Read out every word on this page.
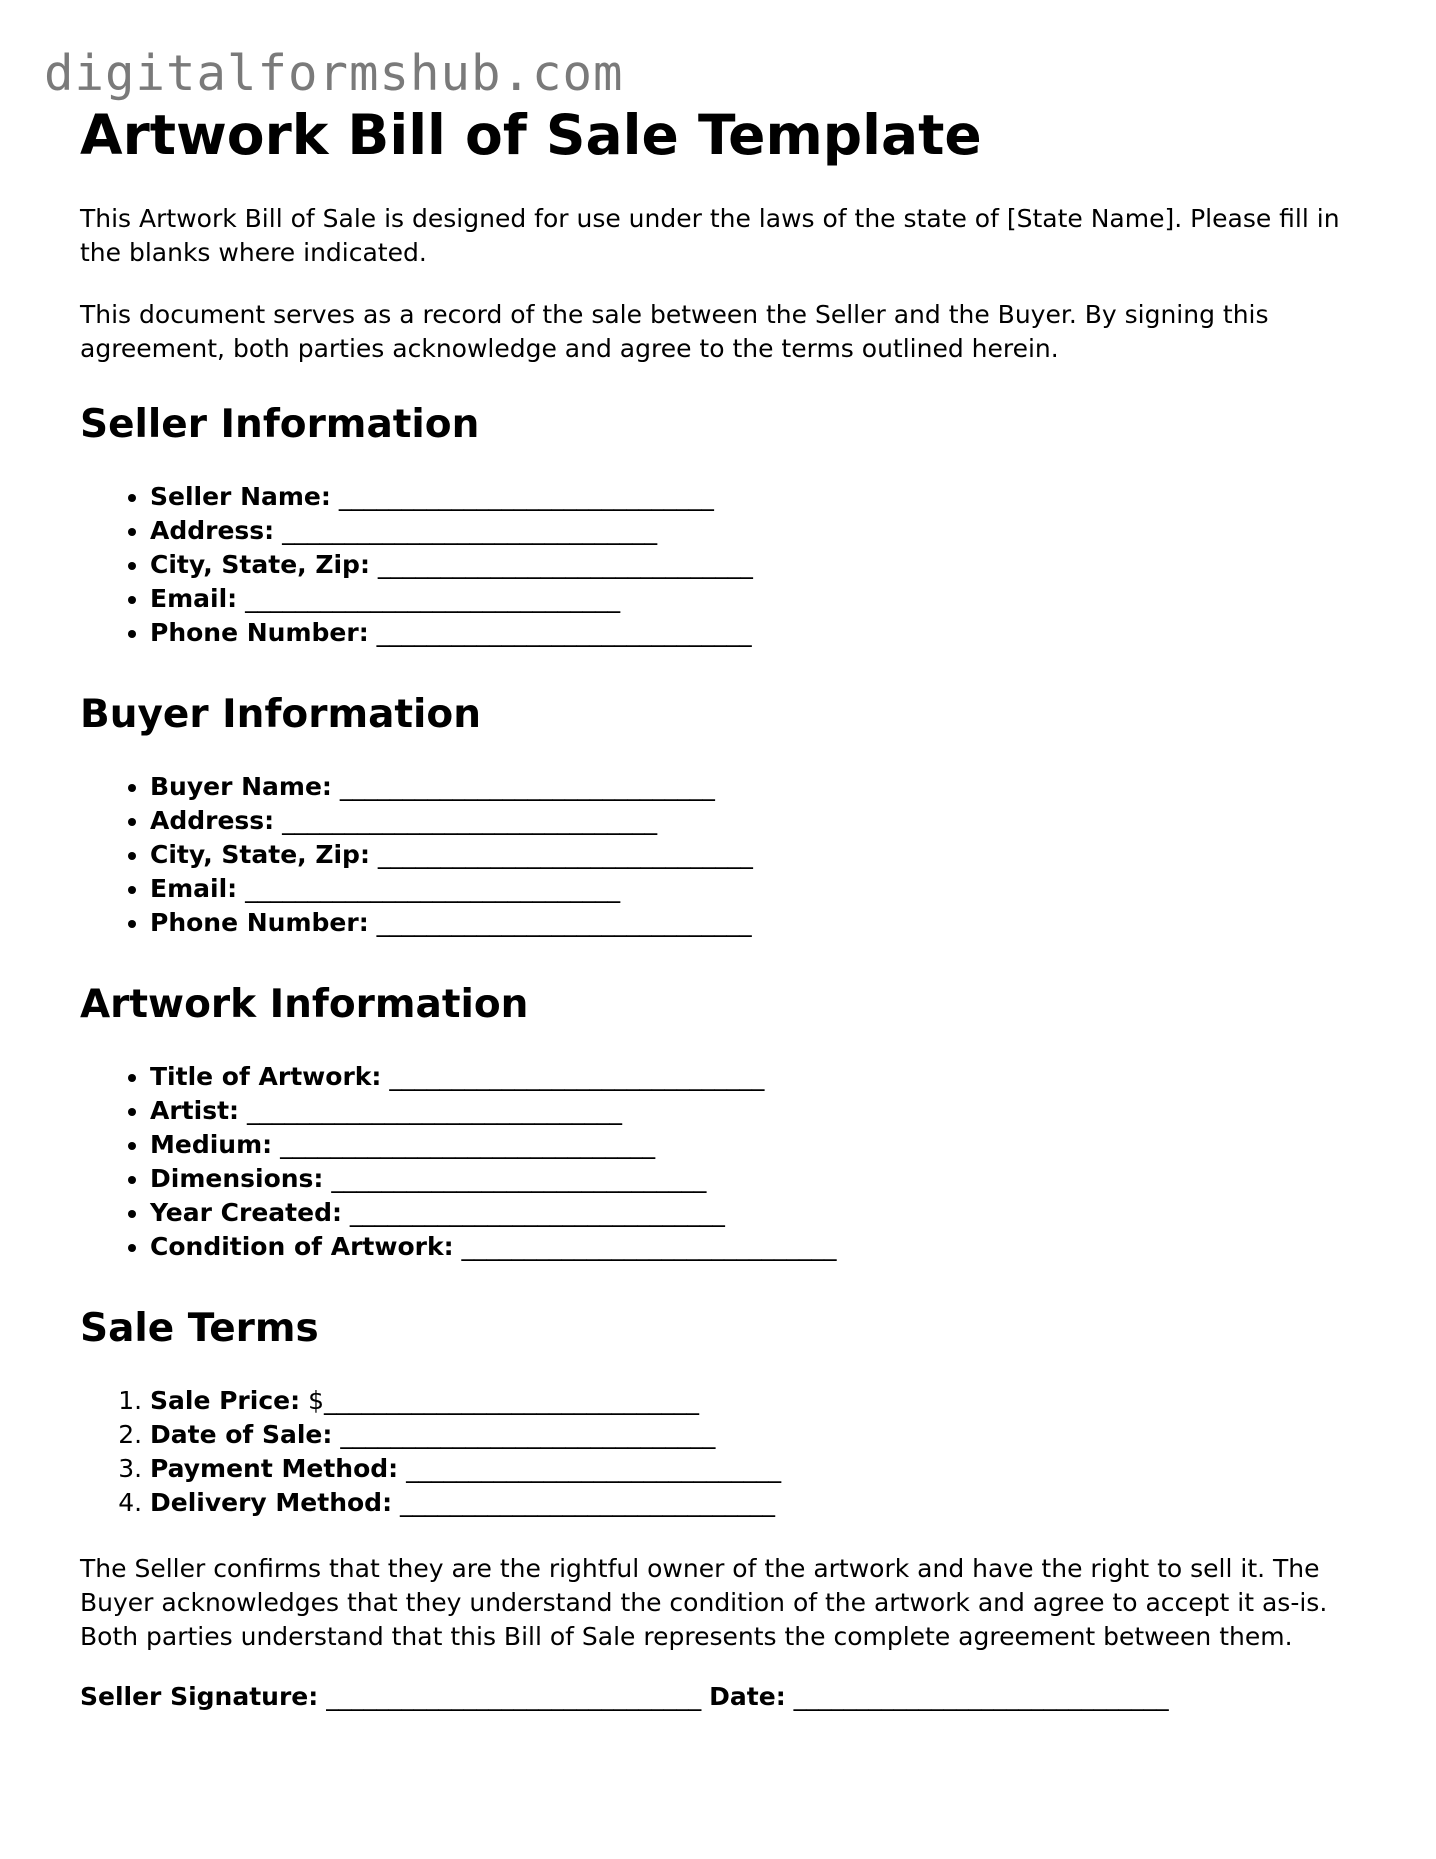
digitalformshub.com
Artwork Bill of Sale Template

This Artwork Bill of Sale is designed for use under the laws of the state of [State Name]. Please fill in the blanks where indicated.

This document serves as a record of the sale between the Seller and the Buyer. By signing this agreement, both parties acknowledge and agree to the terms outlined herein.

Seller Information
• Seller Name: ______________________________
• Address: ______________________________
• City, State, Zip: ______________________________
• Email: ______________________________
• Phone Number: ______________________________
Buyer Information
• Buyer Name: ______________________________
• Address: ______________________________
• City, State, Zip: ______________________________
• Email: ______________________________
• Phone Number: ______________________________
Artwork Information
• Title of Artwork: ______________________________
• Artist: ______________________________
• Medium: ______________________________
• Dimensions: ______________________________
• Year Created: ______________________________
• Condition of Artwork: ______________________________
Sale Terms
1. Sale Price: $______________________________
2. Date of Sale: ______________________________
3. Payment Method: ______________________________
4. Delivery Method: ______________________________

The Seller confirms that they are the rightful owner of the artwork and have the right to sell it. The Buyer acknowledges that they understand the condition of the artwork and agree to accept it as-is. Both parties understand that this Bill of Sale represents the complete agreement between them.

Seller Signature: ______________________________ Date: ______________________________
